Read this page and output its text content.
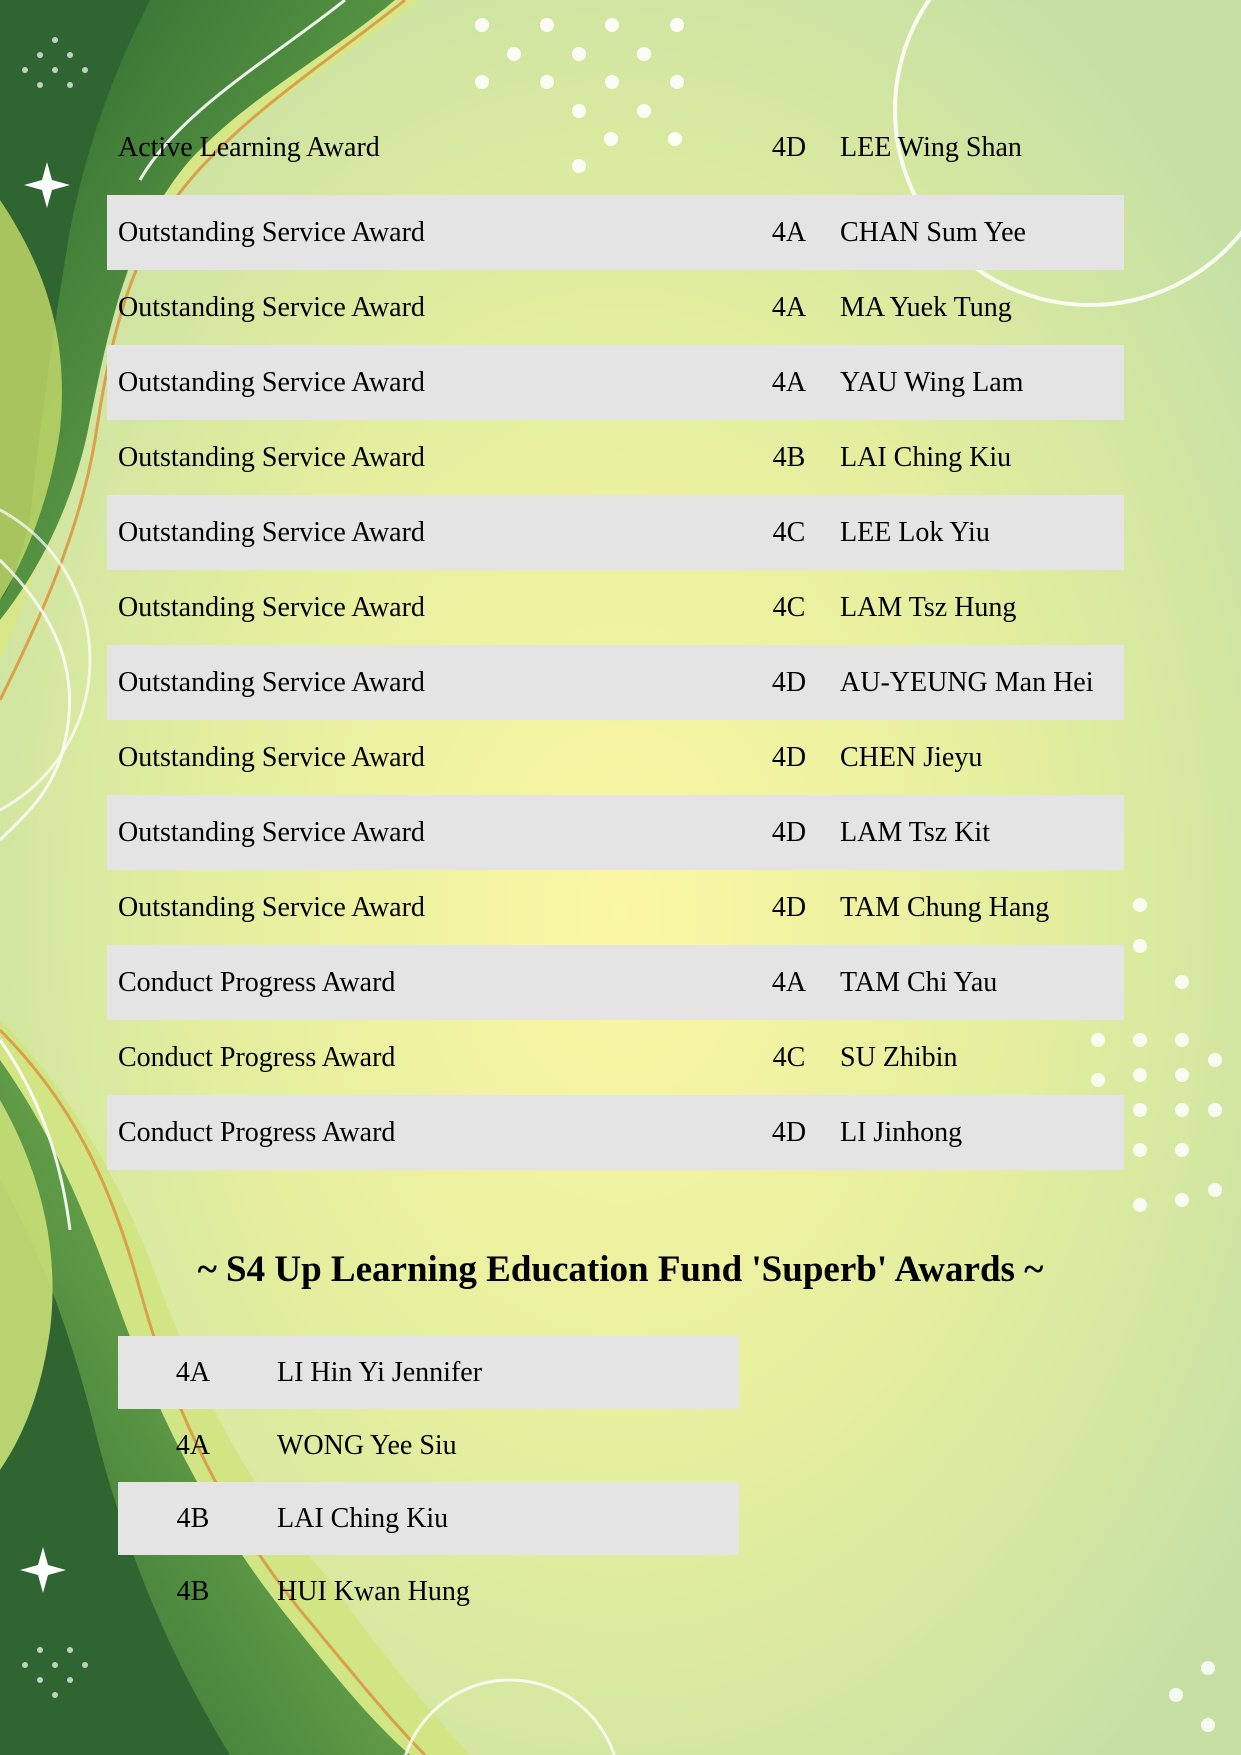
Active Learning Award	4D LEE Wing Shan
Outstanding Service Award	4A CHAN Sum Yee
Outstanding Service Award	4A MA Yuek Tung
Outstanding Service Award	4A YAU Wing Lam
Outstanding Service Award	4B	LAI Ching Kiu
Outstanding Service Award	4C	LEE Lok Yiu
Outstanding Service Award	4C	LAM Tsz Hung
Outstanding Service Award	4D AU-YEUNG Man Hei
Outstanding Service Award	4D CHEN Jieyu
Outstanding Service Award	4D LAM Tsz Kit
Outstanding Service Award	4D TAM Chung Hang
Conduct Progress Award	4A TAM Chi Yau
Conduct Progress Award	4C	SU Zhibin
Conduct Progress Award	4D LI Jinhong
~ S4 Up Learning Education Fund 'Superb' Awards ~
4A	LI Hin Yi Jennifer
4A	WONG Yee Siu
4B	LAI Ching Kiu
4B	HUI Kwan Hung
